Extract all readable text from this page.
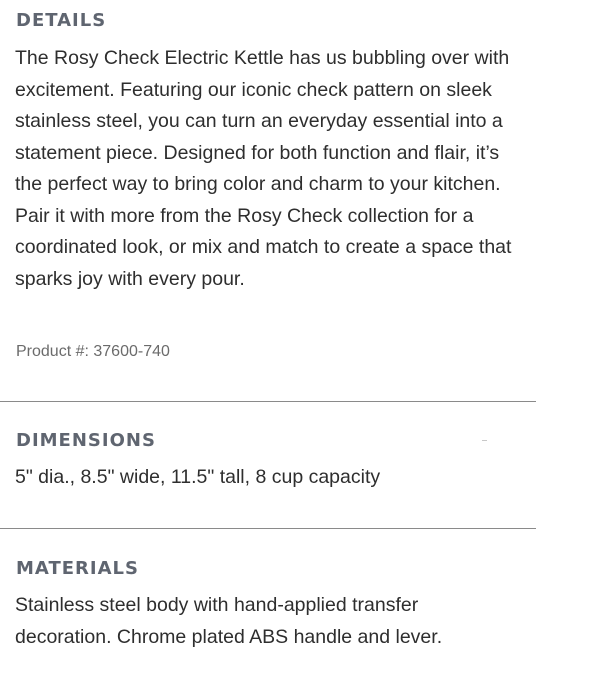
DETAILS

The Rosy Check Electric Kettle has us bubbling over with excitement. Featuring our iconic check pattern on sleek stainless steel, you can turn an everyday essential into a statement piece. Designed for both function and flair, it’s the perfect way to bring color and charm to your kitchen. Pair it with more from the Rosy Check collection for a coordinated look, or mix and match to create a space that sparks joy with every pour.

Product #: 37600-740

DIMENSIONS

5" dia., 8.5" wide, 11.5" tall, 8 cup capacity

MATERIALS

Stainless steel body with hand-applied transfer decoration. Chrome plated ABS handle and lever.
